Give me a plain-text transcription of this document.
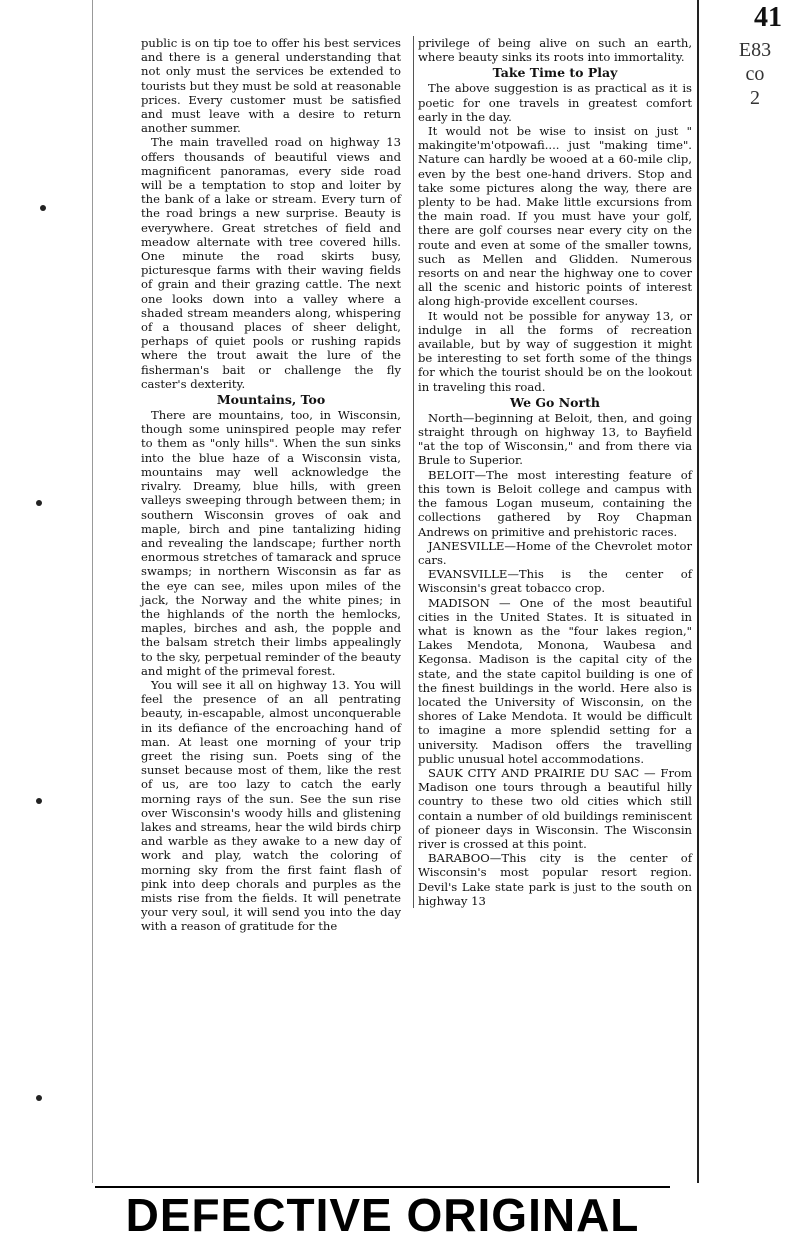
41
E83
co
2

public is on tip toe to offer his best services and there is a general understanding that not only must the services be extended to tourists but they must be sold at reasonable prices. Every customer must be satisfied and must leave with a desire to return another summer.

The main travelled road on highway 13 offers thousands of beautiful views and magnificent panoramas, every side road will be a temptation to stop and loiter by the bank of a lake or stream. Every turn of the road brings a new surprise. Beauty is everywhere. Great stretches of field and meadow alternate with tree covered hills. One minute the road skirts busy, picturesque farms with their waving fields of grain and their grazing cattle. The next one looks down into a valley where a shaded stream meanders along, whispering of a thousand places of sheer delight, perhaps of quiet pools or rushing rapids where the trout await the lure of the fisherman's bait or challenge the fly caster's dexterity.

Mountains, Too

There are mountains, too, in Wisconsin, though some uninspired people may refer to them as "only hills". When the sun sinks into the blue haze of a Wisconsin vista, mountains may well acknowledge the rivalry. Dreamy, blue hills, with green valleys sweeping through between them; in southern Wisconsin groves of oak and maple, birch and pine tantalizing hiding and revealing the landscape; further north enormous stretches of tamarack and spruce swamps; in northern Wisconsin as far as the eye can see, miles upon miles of the jack, the Norway and the white pines; in the highlands of the north the hemlocks, maples, birches and ash, the popple and the balsam stretch their limbs appealingly to the sky, perpetual reminder of the beauty and might of the primeval forest.

You will see it all on highway 13. You will feel the presence of an all pentrating beauty, in-escapable, almost unconquerable in its defiance of the encroaching hand of man. At least one morning of your trip greet the rising sun. Poets sing of the sunset because most of them, like the rest of us, are too lazy to catch the early morning rays of the sun. See the sun rise over Wisconsin's woody hills and glistening lakes and streams, hear the wild birds chirp and warble as they awake to a new day of work and play, watch the coloring of morning sky from the first faint flash of pink into deep chorals and purples as the mists rise from the fields. It will penetrate your very soul, it will send you into the day with a reason of gratitude for the

privilege of being alive on such an earth, where beauty sinks its roots into immortality.

Take Time to Play

The above suggestion is as practical as it is poetic for one travels in greatest comfort early in the day.

It would not be wise to insist on just " makingite'm'otpowafi.... just "making time". Nature can hardly be wooed at a 60-mile clip, even by the best one-hand drivers. Stop and take some pictures along the way, there are plenty to be had. Make little excursions from the main road. If you must have your golf, there are golf courses near every city on the route and even at some of the smaller towns, such as Mellen and Glidden. Numerous resorts on and near the highway one to cover all the scenic and historic points of interest along high-provide excellent courses.

It would not be possible for anyway 13, or indulge in all the forms of recreation available, but by way of suggestion it might be interesting to set forth some of the things for which the tourist should be on the lookout in traveling this road.

We Go North

North—beginning at Beloit, then, and going straight through on highway 13, to Bayfield "at the top of Wisconsin," and from there via Brule to Superior.

BELOIT—The most interesting feature of this town is Beloit college and campus with the famous Logan museum, containing the collections gathered by Roy Chapman Andrews on primitive and prehistoric races.

JANESVILLE—Home of the Chevrolet motor cars.

EVANSVILLE—This is the center of Wisconsin's great tobacco crop.

MADISON — One of the most beautiful cities in the United States. It is situated in what is known as the "four lakes region," Lakes Mendota, Monona, Waubesa and Kegonsa. Madison is the capital city of the state, and the state capitol building is one of the finest buildings in the world. Here also is located the University of Wisconsin, on the shores of Lake Mendota. It would be difficult to imagine a more splendid setting for a university. Madison offers the travelling public unusual hotel accommodations.

SAUK CITY AND PRAIRIE DU SAC — From Madison one tours through a beautiful hilly country to these two old cities which still contain a number of old buildings reminiscent of pioneer days in Wisconsin. The Wisconsin river is crossed at this point.

BARABOO—This city is the center of Wisconsin's most popular resort region. Devil's Lake state park is just to the south on highway 13

DEFECTIVE ORIGINAL
